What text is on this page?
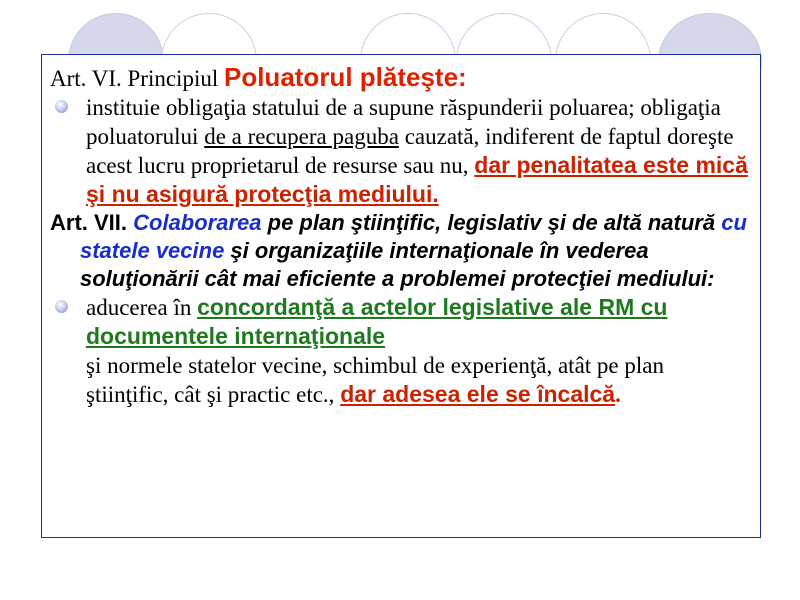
Art. VI. Principiul Poluatorul plăteşte:

instituie obligaţia statului de a supune răspunderii poluarea; obligaţia poluatorului de a recupera paguba cauzată, indiferent de faptul doreşte acest lucru proprietarul de resurse sau nu, dar penalitatea este mică şi nu asigură protecţia mediului.

Art. VII. Colaborarea pe plan ştiinţific, legislativ şi de altă natură cu statele vecine şi organizaţiile internaţionale în vederea soluţionării cât mai eficiente a problemei protecţiei mediului:

aducerea în concordanţă a actelor legislative ale RM cu documentele internaţionale
şi normele statelor vecine, schimbul de experienţă, atât pe plan ştiinţific, cât şi practic etc., dar adesea ele se încalcă.
